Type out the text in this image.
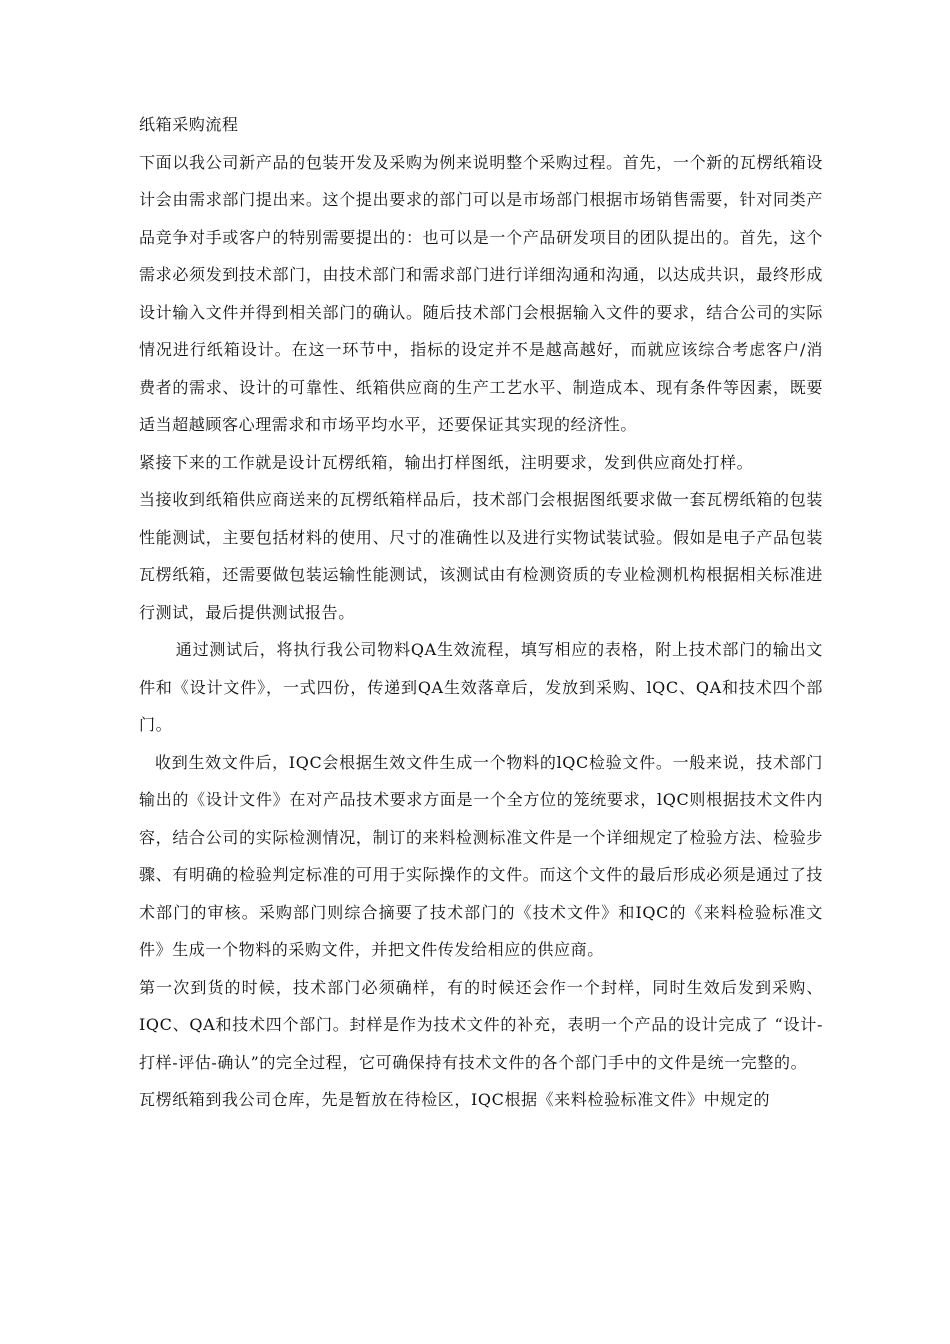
纸箱采购流程

下面以我公司新产品的包装开发及采购为例来说明整个采购过程。首先，一个新的瓦楞纸箱设计会由需求部门提出来。这个提出要求的部门可以是市场部门根据市场销售需要，针对同类产品竞争对手或客户的特别需要提出的：也可以是一个产品研发项目的团队提出的。首先，这个需求必须发到技术部门，由技术部门和需求部门进行详细沟通和沟通，以达成共识，最终形成设计输入文件并得到相关部门的确认。随后技术部门会根据输入文件的要求，结合公司的实际情况进行纸箱设计。在这一环节中，指标的设定并不是越高越好，而就应该综合考虑客户/消费者的需求、设计的可靠性、纸箱供应商的生产工艺水平、制造成本、现有条件等因素，既要适当超越顾客心理需求和市场平均水平，还要保证其实现的经济性。

紧接下来的工作就是设计瓦楞纸箱，输出打样图纸，注明要求，发到供应商处打样。

当接收到纸箱供应商送来的瓦楞纸箱样品后，技术部门会根据图纸要求做一套瓦楞纸箱的包装性能测试，主要包括材料的使用、尺寸的准确性以及进行实物试装试验。假如是电子产品包装瓦楞纸箱，还需要做包装运输性能测试，该测试由有检测资质的专业检测机构根据相关标准进行测试，最后提供测试报告。

通过测试后，将执行我公司物料QA生效流程，填写相应的表格，附上技术部门的输出文件和《设计文件》，一式四份，传递到QA生效落章后，发放到采购、lQC、QA和技术四个部门。

收到生效文件后，IQC会根据生效文件生成一个物料的lQC检验文件。一般来说，技术部门输出的《设计文件》在对产品技术要求方面是一个全方位的笼统要求，lQC则根据技术文件内容，结合公司的实际检测情况，制订的来料检测标准文件是一个详细规定了检验方法、检验步骤、有明确的检验判定标准的可用于实际操作的文件。而这个文件的最后形成必须是通过了技术部门的审核。采购部门则综合摘要了技术部门的《技术文件》和IQC的《来料检验标准文件》生成一个物料的采购文件，并把文件传发给相应的供应商。

第一次到货的时候，技术部门必须确样，有的时候还会作一个封样，同时生效后发到采购、IQC、QA和技术四个部门。封样是作为技术文件的补充，表明一个产品的设计完成了 “设计-打样-评估-确认”的完全过程，它可确保持有技术文件的各个部门手中的文件是统一完整的。

瓦楞纸箱到我公司仓库，先是暂放在待检区，IQC根据《来料检验标准文件》中规定的
